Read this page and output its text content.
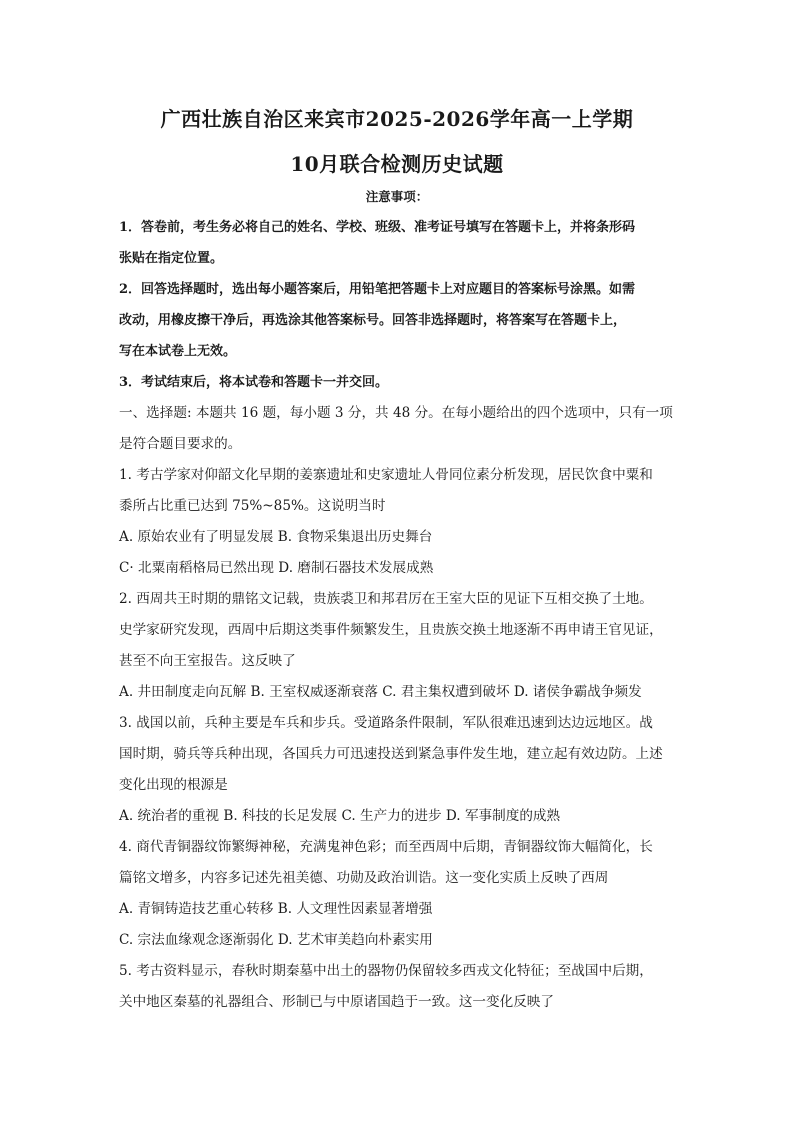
广西壮族自治区来宾市2025-2026学年高一上学期
10月联合检测历史试题
注意事项：
1．答卷前，考生务必将自己的姓名、学校、班级、准考证号填写在答题卡上，并将条形码
张贴在指定位置。
2．回答选择题时，选出每小题答案后，用铅笔把答题卡上对应题目的答案标号涂黑。如需
改动，用橡皮擦干净后，再选涂其他答案标号。回答非选择题时，将答案写在答题卡上，
写在本试卷上无效。
3．考试结束后，将本试卷和答题卡一并交回。
一、选择题: 本题共 16 题，每小题 3 分，共 48 分。在每小题给出的四个选项中，只有一项
是符合题目要求的。
1. 考古学家对仰韶文化早期的姜寨遗址和史家遗址人骨同位素分析发现，居民饮食中粟和
黍所占比重已达到 75%~85%。这说明当时
A. 原始农业有了明显发展 B. 食物采集退出历史舞台
C· 北粟南稻格局已然出现 D. 磨制石器技术发展成熟
2. 西周共王时期的鼎铭文记载，贵族裘卫和邦君厉在王室大臣的见证下互相交换了土地。
史学家研究发现，西周中后期这类事件频繁发生，且贵族交换土地逐渐不再申请王官见证，
甚至不向王室报告。这反映了
A. 井田制度走向瓦解 B. 王室权威逐渐衰落 C. 君主集权遭到破坏 D. 诸侯争霸战争频发
3. 战国以前，兵种主要是车兵和步兵。受道路条件限制，军队很难迅速到达边远地区。战
国时期，骑兵等兵种出现，各国兵力可迅速投送到紧急事件发生地，建立起有效边防。上述
变化出现的根源是
A. 统治者的重视 B. 科技的长足发展 C. 生产力的进步 D. 军事制度的成熟
4. 商代青铜器纹饰繁缛神秘，充满鬼神色彩；而至西周中后期，青铜器纹饰大幅简化，长
篇铭文增多，内容多记述先祖美德、功勋及政治训诰。这一变化实质上反映了西周
A. 青铜铸造技艺重心转移 B. 人文理性因素显著增强
C. 宗法血缘观念逐渐弱化 D. 艺术审美趋向朴素实用
5. 考古资料显示，春秋时期秦墓中出土的器物仍保留较多西戎文化特征；至战国中后期，
关中地区秦墓的礼器组合、形制已与中原诸国趋于一致。这一变化反映了
